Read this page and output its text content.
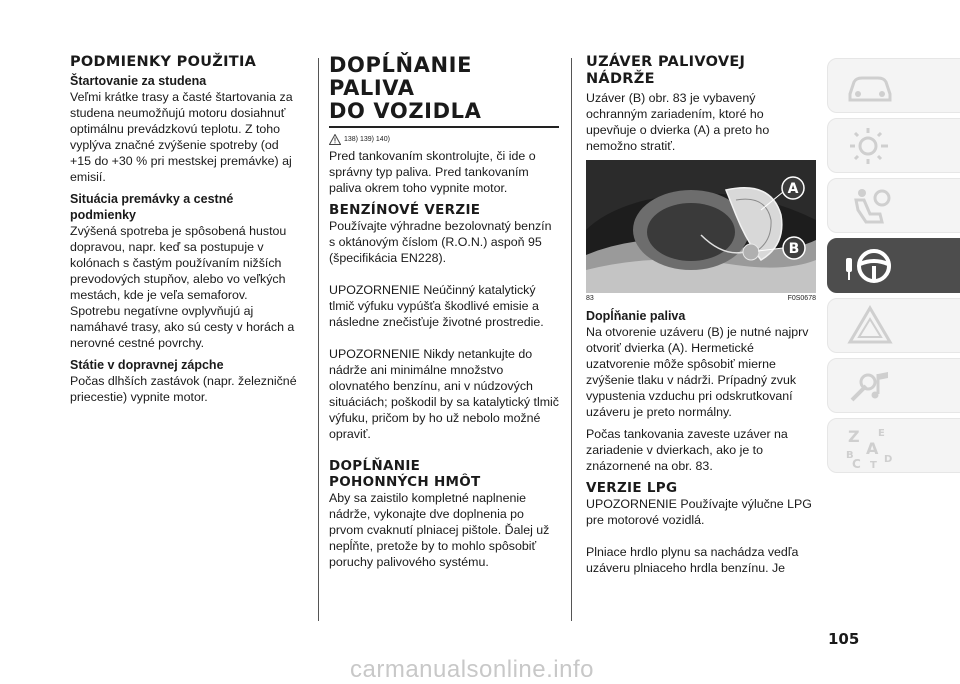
PODMIENKY POUŽITIA
Štartovanie za studena

Veľmi krátke trasy a časté štartovania za studena neumožňujú motoru dosiahnuť optimálnu prevádzkovú teplotu. Z toho vyplýva značné zvýšenie spotreby (od +15 do +30 % pri mestskej premávke) aj emisií.

Situácia premávky a cestné podmienky

Zvýšená spotreba je spôsobená hustou dopravou, napr. keď sa postupuje v kolónach s častým používaním nižších prevodových stupňov, alebo vo veľkých mestách, kde je veľa semaforov. Spotrebu negatívne ovplyvňujú aj namáhavé trasy, ako sú cesty v horách a nerovné cestné povrchy.

Státie v dopravnej zápche

Počas dlhších zastávok (napr. železničné priecestie) vypnite motor.

DOPĹŇANIE PALIVA
DO VOZIDLA
138) 139) 140)

Pred tankovaním skontrolujte, či ide o správny typ paliva. Pred tankovaním paliva okrem toho vypnite motor.

BENZÍNOVÉ VERZIE

Používajte výhradne bezolovnatý benzín s oktánovým číslom (R.O.N.) aspoň 95 (špecifikácia EN228).

UPOZORNENIE Neúčinný katalytický tlmič výfuku vypúšťa škodlivé emisie a následne znečisťuje životné prostredie.

UPOZORNENIE Nikdy netankujte do nádrže ani minimálne množstvo olovnatého benzínu, ani v núdzových situáciách; poškodil by sa katalytický tlmič výfuku, pričom by ho už nebolo možné opraviť.

DOPĹŇANIE
POHONNÝCH HMÔT

Aby sa zaistilo kompletné naplnenie nádrže, vykonajte dve doplnenia po prvom cvaknutí plniacej pištole. Ďalej už nepĺňte, pretože by to mohlo spôsobiť poruchy palivového systému.

UZÁVER PALIVOVEJ
NÁDRŽE

Uzáver (B) obr. 83 je vybavený ochranným zariadením, ktoré ho upevňuje o dvierka (A) a preto ho nemožno stratiť.

A
B
83	F0S0678
Dopĺňanie paliva

Na otvorenie uzáveru (B) je nutné najprv otvoriť dvierka (A). Hermetické uzatvorenie môže spôsobiť mierne zvýšenie tlaku v nádrži. Prípadný zvuk vypustenia vzduchu pri odskrutkovaní uzáveru je preto normálny.

Počas tankovania zaveste uzáver na zariadenie v dvierkach, ako je to znázornené na obr. 83.

VERZIE LPG

UPOZORNENIE Používajte výlučne LPG pre motorové vozidlá.

Plniace hrdlo plynu sa nachádza vedľa uzáveru plniaceho hrdla benzínu. Je

Z E
A
B
C T
D
105
carmanualsonline.info
